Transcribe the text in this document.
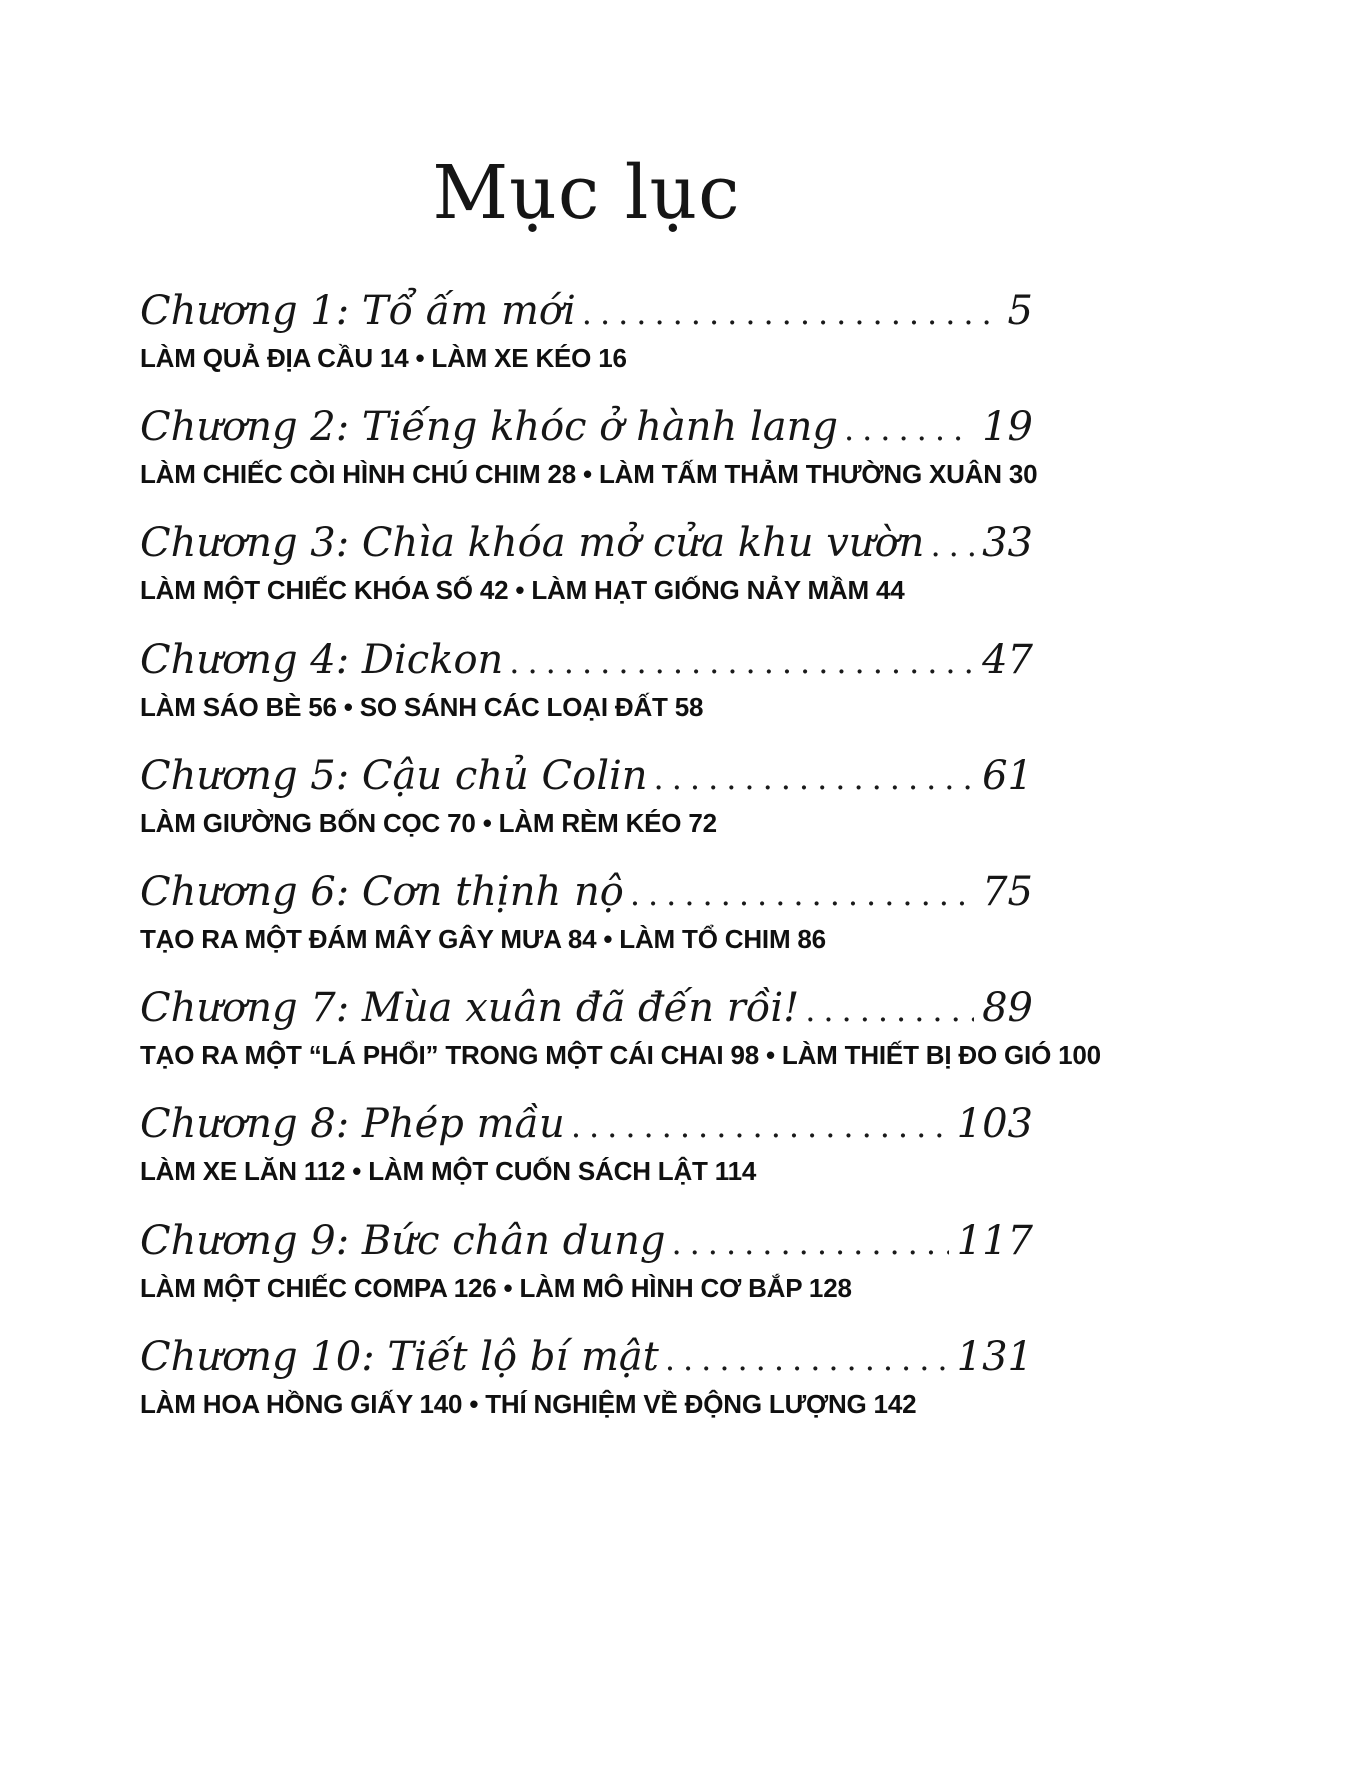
Mục lục
Chương 1: Tổ ấm mới .....	5
LÀM QUẢ ĐỊA CẦU 14 • LÀM XE KÉO 16
Chương 2: Tiếng khóc ở hành lang .....	19
LÀM CHIẾC CÒI HÌNH CHÚ CHIM 28 • LÀM TẤM THẢM THƯỜNG XUÂN 30
Chương 3: Chìa khóa mở cửa khu vườn ..... 33
LÀM MỘT CHIẾC KHÓA SỐ 42 • LÀM HẠT GIỐNG NẢY MẦM 44
Chương 4: Dickon .....	47
LÀM SÁO BÈ 56 • SO SÁNH CÁC LOẠI ĐẤT 58
Chương 5: Cậu chủ Colin .....	61
LÀM GIƯỜNG BỐN CỌC 70 • LÀM RÈM KÉO 72
Chương 6: Cơn thịnh nộ .....	75
TẠO RA MỘT ĐÁM MÂY GÂY MƯA 84 • LÀM TỔ CHIM 86
Chương 7: Mùa xuân đã đến rồi! .....	89
TẠO RA MỘT “LÁ PHỔI” TRONG MỘT CÁI CHAI 98 • LÀM THIẾT BỊ ĐO GIÓ 100
Chương 8: Phép mầu .....	103
LÀM XE LĂN 112 • LÀM MỘT CUỐN SÁCH LẬT 114
Chương 9: Bức chân dung .....	117
LÀM MỘT CHIẾC COMPA 126 • LÀM MÔ HÌNH CƠ BẮP 128
Chương 10: Tiết lộ bí mật .....	131
LÀM HOA HỒNG GIẤY 140 • THÍ NGHIỆM VỀ ĐỘNG LƯỢNG 142
